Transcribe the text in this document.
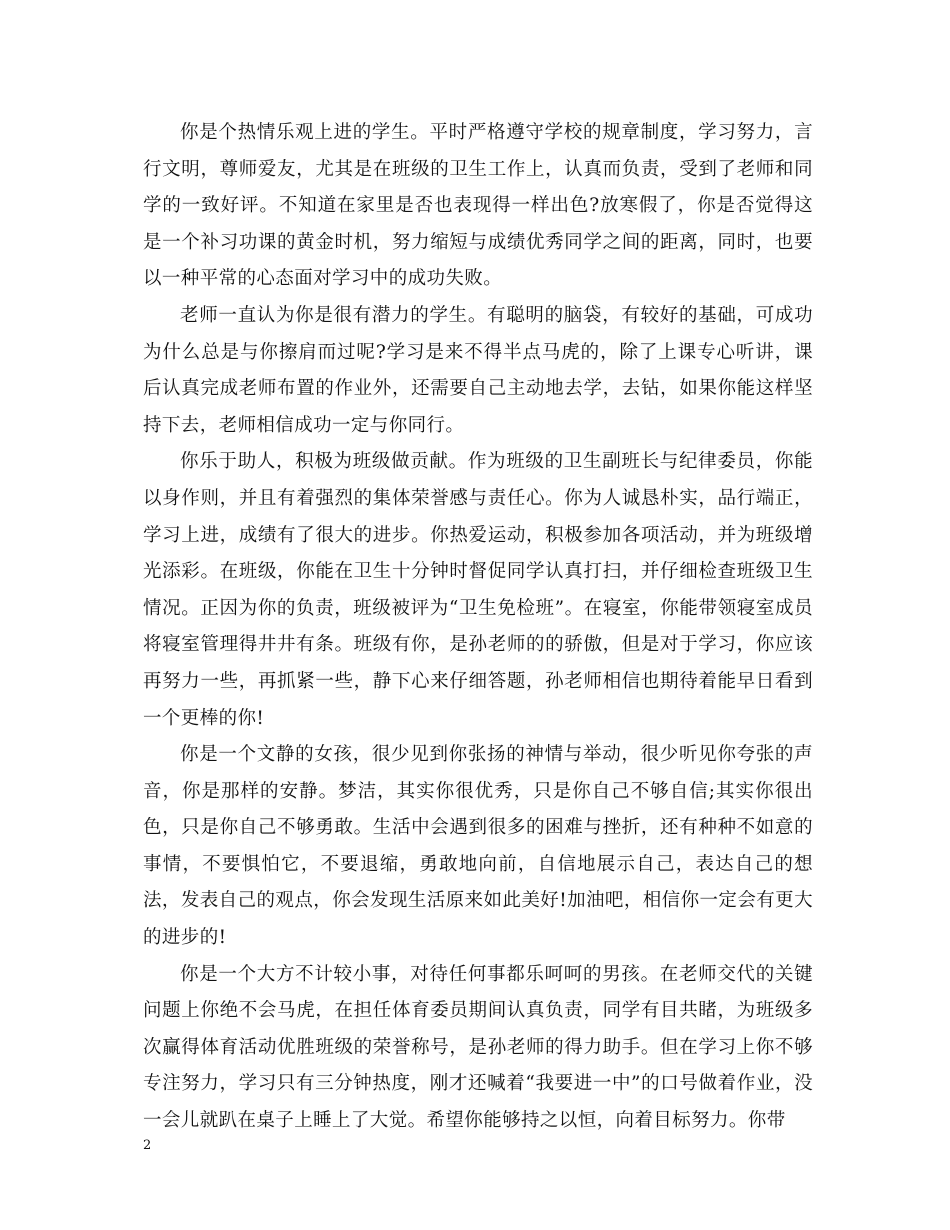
你是个热情乐观上进的学生。平时严格遵守学校的规章制度，学习努力，言行文明，尊师爱友，尤其是在班级的卫生工作上，认真而负责，受到了老师和同学的一致好评。不知道在家里是否也表现得一样出色?放寒假了，你是否觉得这是一个补习功课的黄金时机，努力缩短与成绩优秀同学之间的距离，同时，也要以一种平常的心态面对学习中的成功失败。

老师一直认为你是很有潜力的学生。有聪明的脑袋，有较好的基础，可成功为什么总是与你擦肩而过呢?学习是来不得半点马虎的，除了上课专心听讲，课后认真完成老师布置的作业外，还需要自己主动地去学，去钻，如果你能这样坚持下去，老师相信成功一定与你同行。

你乐于助人，积极为班级做贡献。作为班级的卫生副班长与纪律委员，你能以身作则，并且有着强烈的集体荣誉感与责任心。你为人诚恳朴实，品行端正，学习上进，成绩有了很大的进步。你热爱运动，积极参加各项活动，并为班级增光添彩。在班级，你能在卫生十分钟时督促同学认真打扫，并仔细检查班级卫生情况。正因为你的负责，班级被评为“卫生免检班”。在寝室，你能带领寝室成员将寝室管理得井井有条。班级有你，是孙老师的的骄傲，但是对于学习，你应该再努力一些，再抓紧一些，静下心来仔细答题，孙老师相信也期待着能早日看到一个更棒的你!

你是一个文静的女孩，很少见到你张扬的神情与举动，很少听见你夸张的声音，你是那样的安静。梦洁，其实你很优秀，只是你自己不够自信;其实你很出色，只是你自己不够勇敢。生活中会遇到很多的困难与挫折，还有种种不如意的事情，不要惧怕它，不要退缩，勇敢地向前，自信地展示自己，表达自己的想法，发表自己的观点，你会发现生活原来如此美好!加油吧，相信你一定会有更大的进步的!

你是一个大方不计较小事，对待任何事都乐呵呵的男孩。在老师交代的关键问题上你绝不会马虎，在担任体育委员期间认真负责，同学有目共睹，为班级多次赢得体育活动优胜班级的荣誉称号，是孙老师的得力助手。但在学习上你不够专注努力，学习只有三分钟热度，刚才还喊着“我要进一中”的口号做着作业，没一会儿就趴在桌子上睡上了大觉。希望你能够持之以恒，向着目标努力。你带

2
